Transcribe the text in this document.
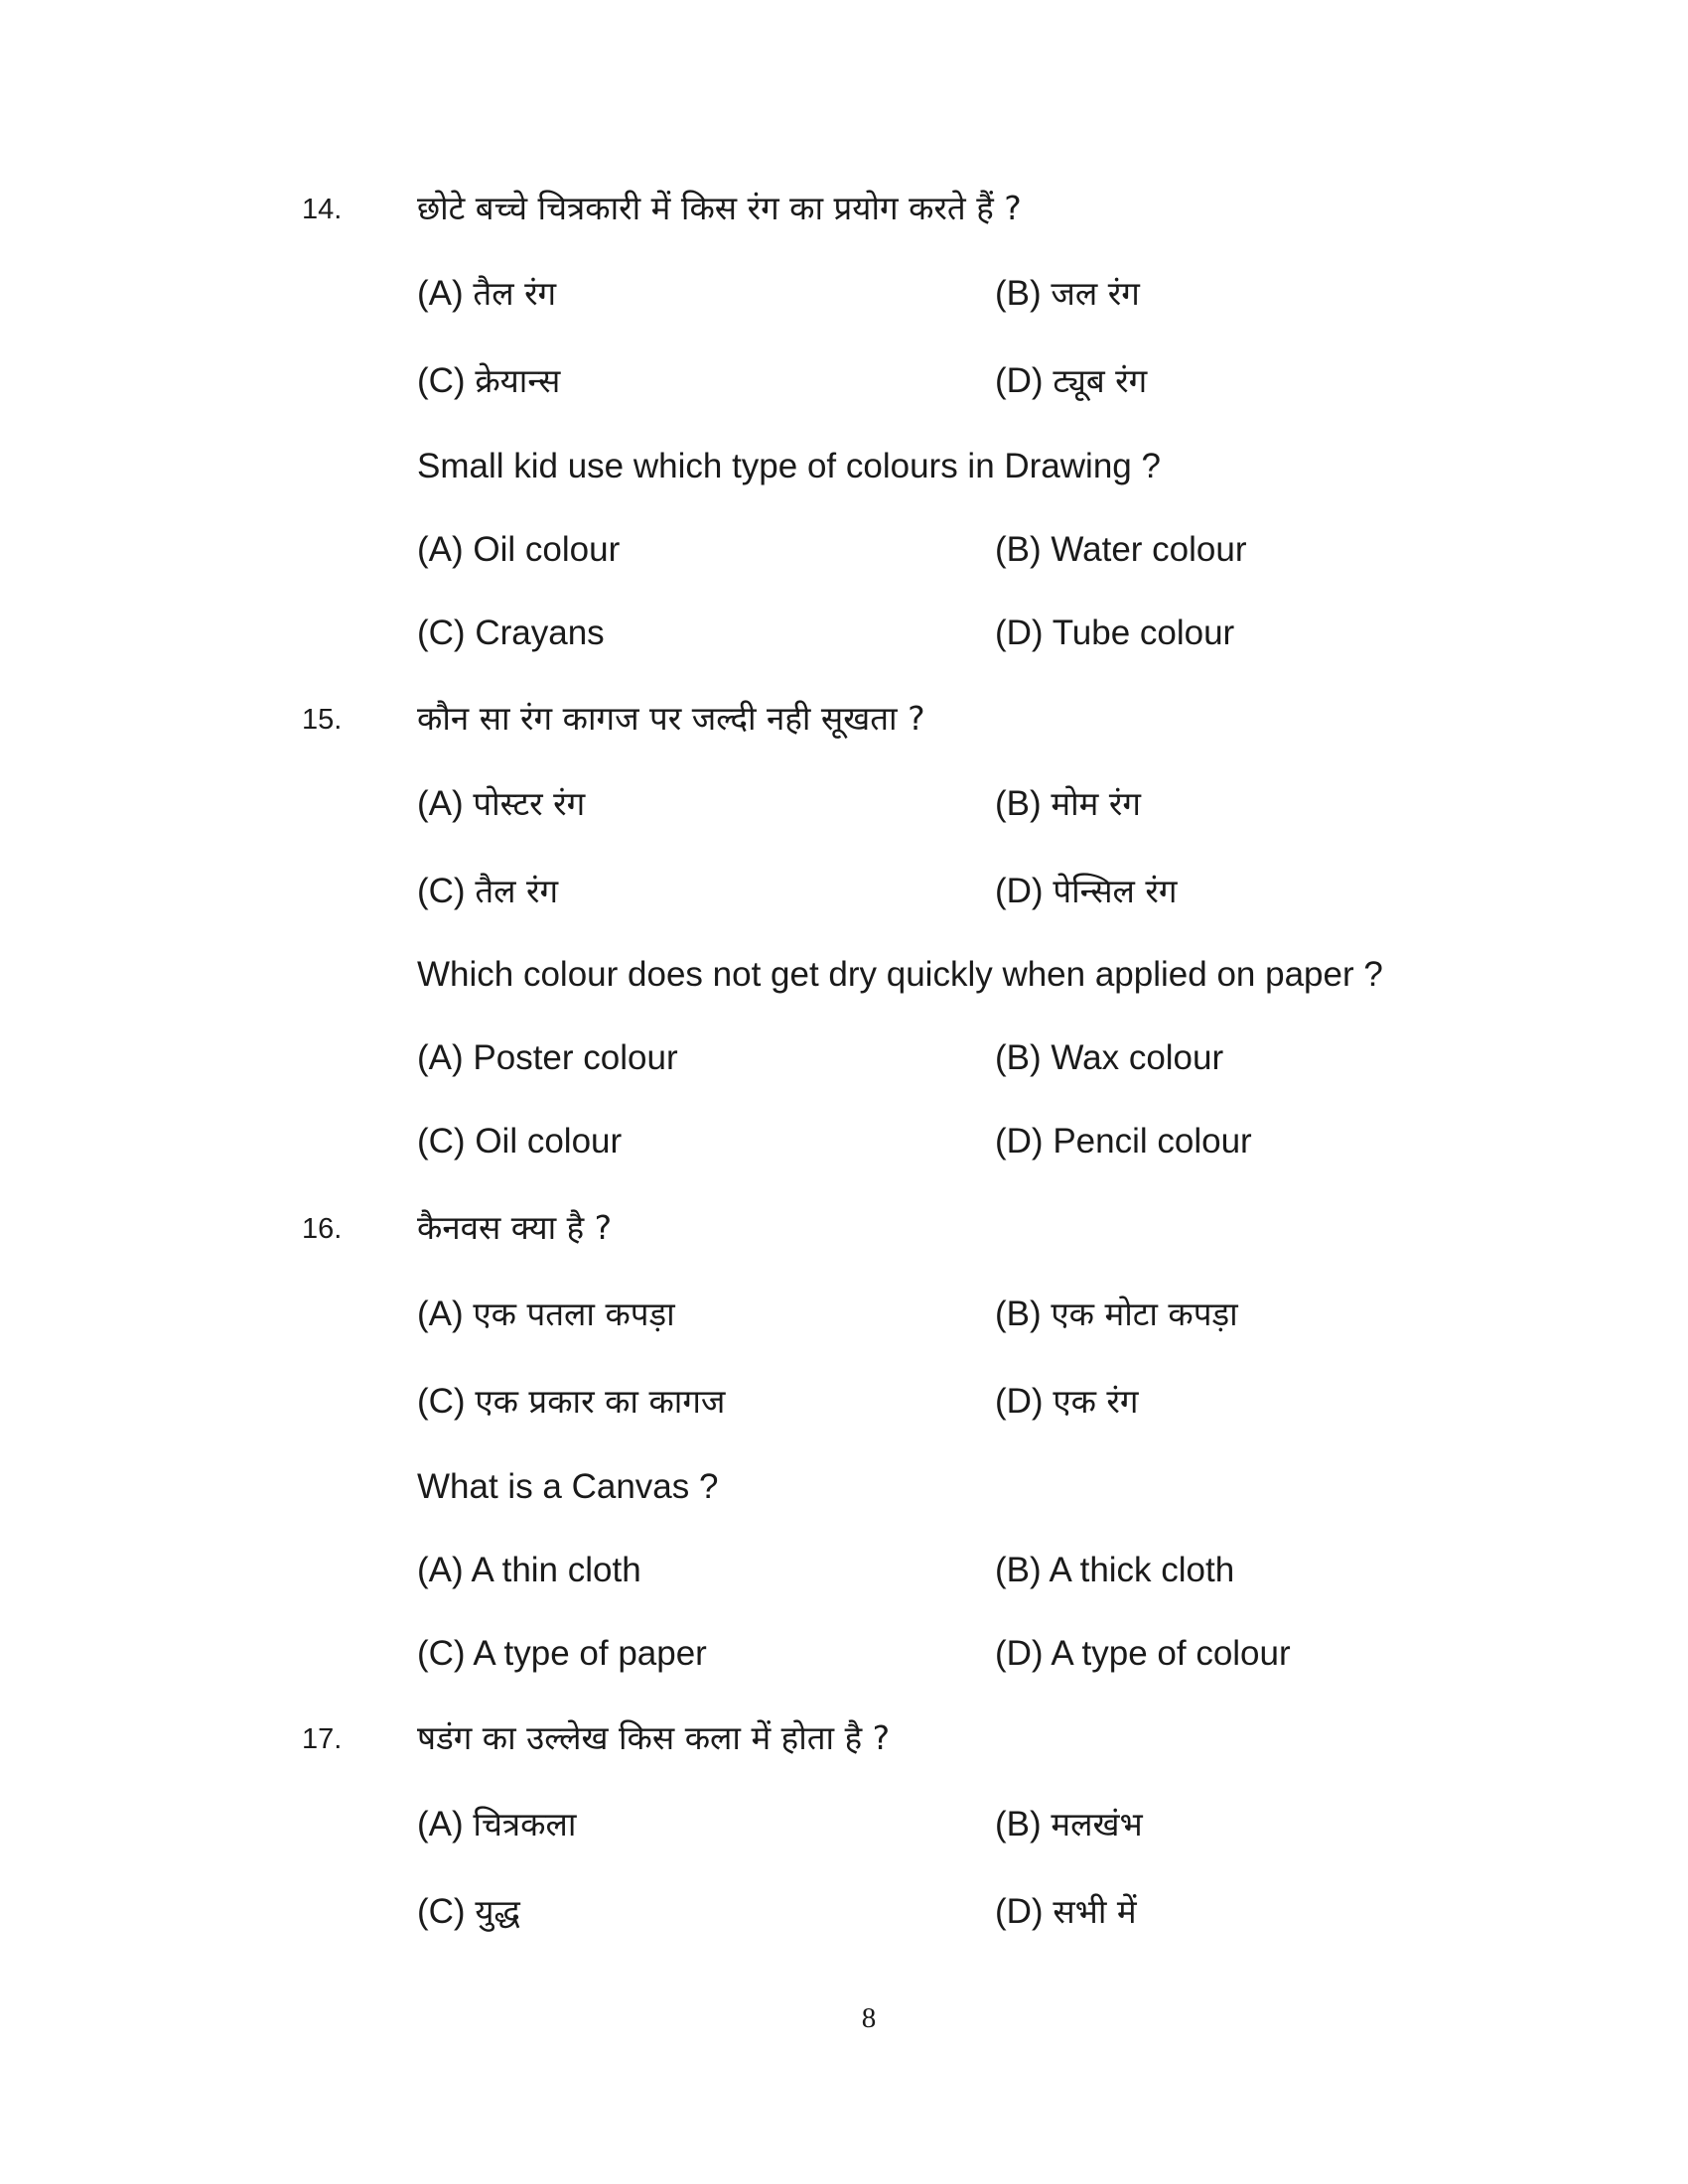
14. छोटे बच्चे चित्रकारी में किस रंग का प्रयोग करते हैं ?
(A) तैल रंग	(B) जल रंग
(C) क्रेयान्स	(D) ट्यूब रंग
Small kid use which type of colours in Drawing ?
(A) Oil colour	(B) Water colour
(C) Crayans	(D) Tube colour
15. कौन सा रंग कागज पर जल्दी नही सूखता ?
(A) पोस्टर रंग	(B) मोम रंग
(C) तैल रंग	(D) पेन्सिल रंग
Which colour does not get dry quickly when applied on paper ?
(A) Poster colour	(B) Wax colour
(C) Oil colour	(D) Pencil colour
16. कैनवस क्या है ?
(A) एक पतला कपड़ा	(B) एक मोटा कपड़ा
(C) एक प्रकार का कागज	(D) एक रंग
What is a Canvas ?
(A) A thin cloth	(B) A thick cloth
(C) A type of paper	(D) A type of colour
17. षडंग का उल्लेख किस कला में होता है ?
(A) चित्रकला	(B) मलखंभ
(C) युद्ध	(D) सभी में
8
